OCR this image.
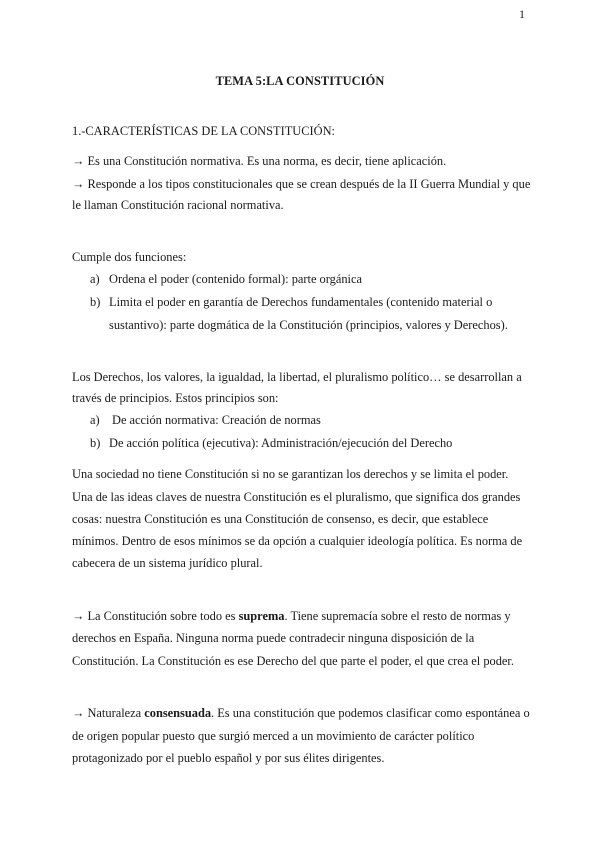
1
TEMA 5:LA CONSTITUCIÓN
1.-CARACTERÍSTICAS DE LA CONSTITUCIÓN:
→ Es una Constitución normativa. Es una norma, es decir, tiene aplicación.
→ Responde a los tipos constitucionales que se crean después de la II Guerra Mundial y que
le llaman Constitución racional normativa.
Cumple dos funciones:
a) Ordena el poder (contenido formal): parte orgánica
b) Limita el poder en garantía de Derechos fundamentales (contenido material o
sustantivo): parte dogmática de la Constitución (principios, valores y Derechos).
Los Derechos, los valores, la igualdad, la libertad, el pluralismo político… se desarrollan a
través de principios. Estos principios son:
a) De acción normativa: Creación de normas
b) De acción política (ejecutiva): Administración/ejecución del Derecho
Una sociedad no tiene Constitución si no se garantizan los derechos y se limita el poder.
Una de las ideas claves de nuestra Constitución es el pluralismo, que significa dos grandes
cosas: nuestra Constitución es una Constitución de consenso, es decir, que establece
mínimos. Dentro de esos mínimos se da opción a cualquier ideología política. Es norma de
cabecera de un sistema jurídico plural.
→ La Constitución sobre todo es suprema. Tiene supremacía sobre el resto de normas y
derechos en España. Ninguna norma puede contradecir ninguna disposición de la
Constitución. La Constitución es ese Derecho del que parte el poder, el que crea el poder.
→ Naturaleza consensuada. Es una constitución que podemos clasificar como espontánea o
de origen popular puesto que surgió merced a un movimiento de carácter político
protagonizado por el pueblo español y por sus élites dirigentes.
